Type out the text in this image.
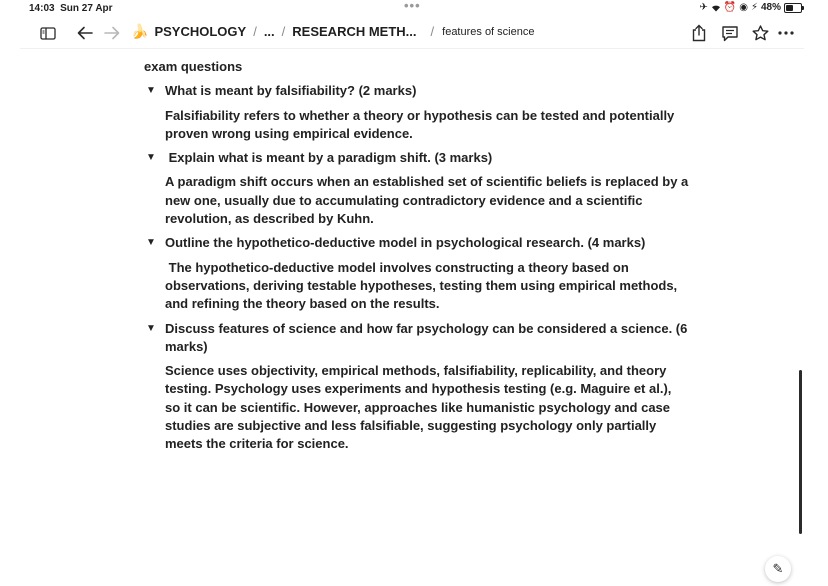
14:03 Sun 27 Apr	•••	✈ ⏰ ◉ ⚡ 48%
🍌 PSYCHOLOGY / ... / RESEARCH METH... / features of science
exam questions
▼ What is meant by falsifiability? (2 marks)
Falsifiability refers to whether a theory or hypothesis can be tested and potentially proven wrong using empirical evidence.
▼ Explain what is meant by a paradigm shift. (3 marks)
A paradigm shift occurs when an established set of scientific beliefs is replaced by a new one, usually due to accumulating contradictory evidence and a scientific revolution, as described by Kuhn.
▼ Outline the hypothetico-deductive model in psychological research. (4 marks)
The hypothetico-deductive model involves constructing a theory based on observations, deriving testable hypotheses, testing them using empirical methods, and refining the theory based on the results.
▼ Discuss features of science and how far psychology can be considered a science. (6 marks)
Science uses objectivity, empirical methods, falsifiability, replicability, and theory testing. Psychology uses experiments and hypothesis testing (e.g. Maguire et al.), so it can be scientific. However, approaches like humanistic psychology and case studies are subjective and less falsifiable, suggesting psychology only partially meets the criteria for science.
✎
